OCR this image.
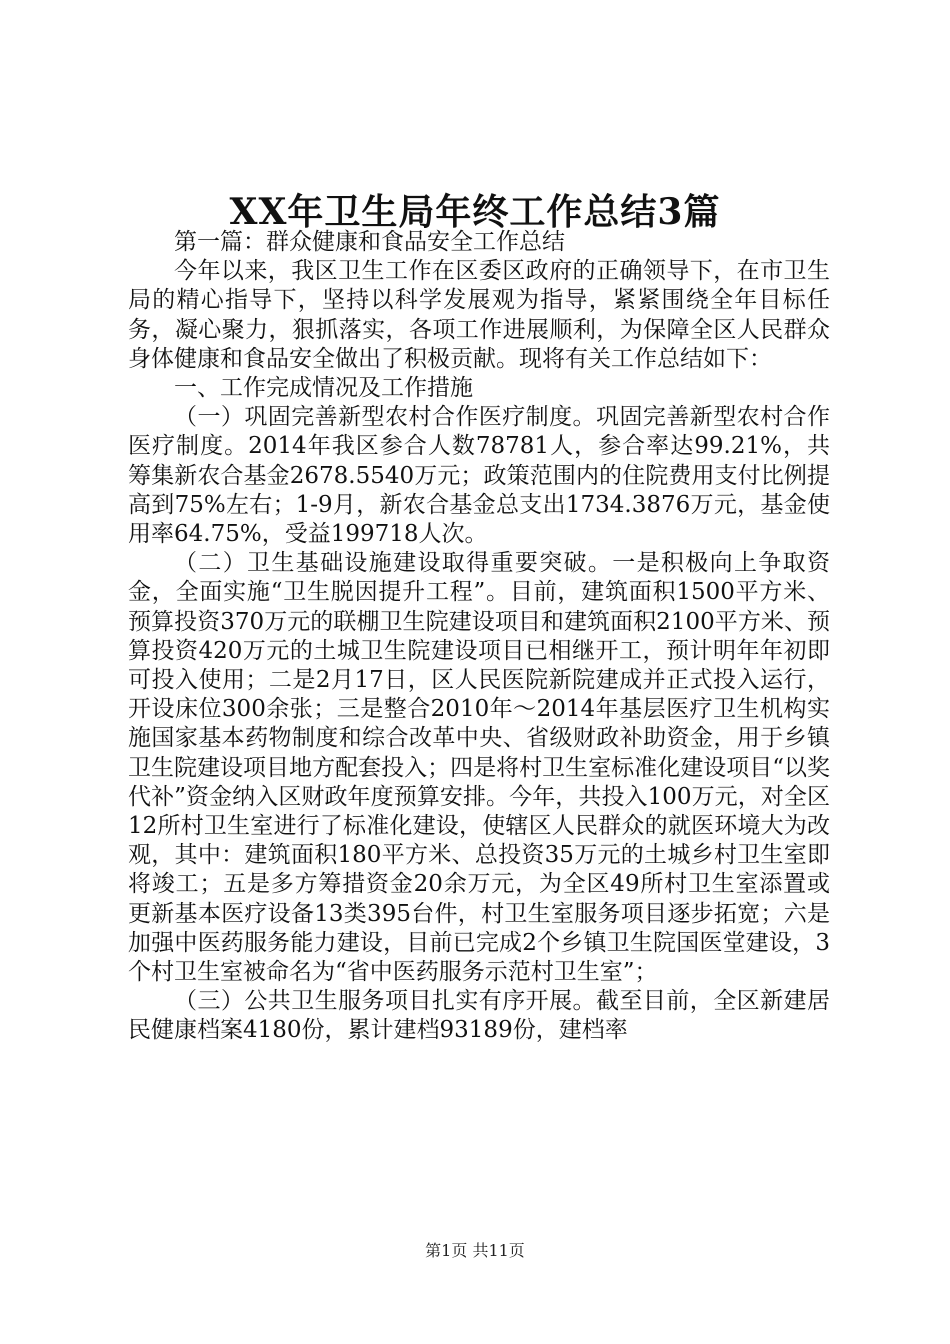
XX年卫生局年终工作总结3篇

第一篇：群众健康和食品安全工作总结

今年以来，我区卫生工作在区委区政府的正确领导下，在市卫生局的精心指导下，坚持以科学发展观为指导，紧紧围绕全年目标任务，凝心聚力，狠抓落实，各项工作进展顺利，为保障全区人民群众身体健康和食品安全做出了积极贡献。现将有关工作总结如下：

一、工作完成情况及工作措施

（一）巩固完善新型农村合作医疗制度。巩固完善新型农村合作医疗制度。2014年我区参合人数78781人，参合率达99.21%，共筹集新农合基金2678.5540万元；政策范围内的住院费用支付比例提高到75%左右；1-9月，新农合基金总支出1734.3876万元，基金使用率64.75%，受益199718人次。

（二）卫生基础设施建设取得重要突破。一是积极向上争取资金，全面实施“卫生脱因提升工程”。目前，建筑面积1500平方米、预算投资370万元的联棚卫生院建设项目和建筑面积2100平方米、预算投资420万元的土城卫生院建设项目已相继开工，预计明年年初即可投入使用；二是2月17日，区人民医院新院建成并正式投入运行，开设床位300余张；三是整合2010年～2014年基层医疗卫生机构实施国家基本药物制度和综合改革中央、省级财政补助资金，用于乡镇卫生院建设项目地方配套投入；四是将村卫生室标准化建设项目“以奖代补”资金纳入区财政年度预算安排。今年，共投入100万元，对全区12所村卫生室进行了标准化建设，使辖区人民群众的就医环境大为改观，其中：建筑面积180平方米、总投资35万元的土城乡村卫生室即将竣工；五是多方筹措资金20余万元，为全区49所村卫生室添置或更新基本医疗设备13类395台件，村卫生室服务项目逐步拓宽；六是加强中医药服务能力建设，目前已完成2个乡镇卫生院国医堂建设，3个村卫生室被命名为“省中医药服务示范村卫生室”；

（三）公共卫生服务项目扎实有序开展。截至目前，全区新建居民健康档案4180份，累计建档93189份，建档率

第1页 共11页
